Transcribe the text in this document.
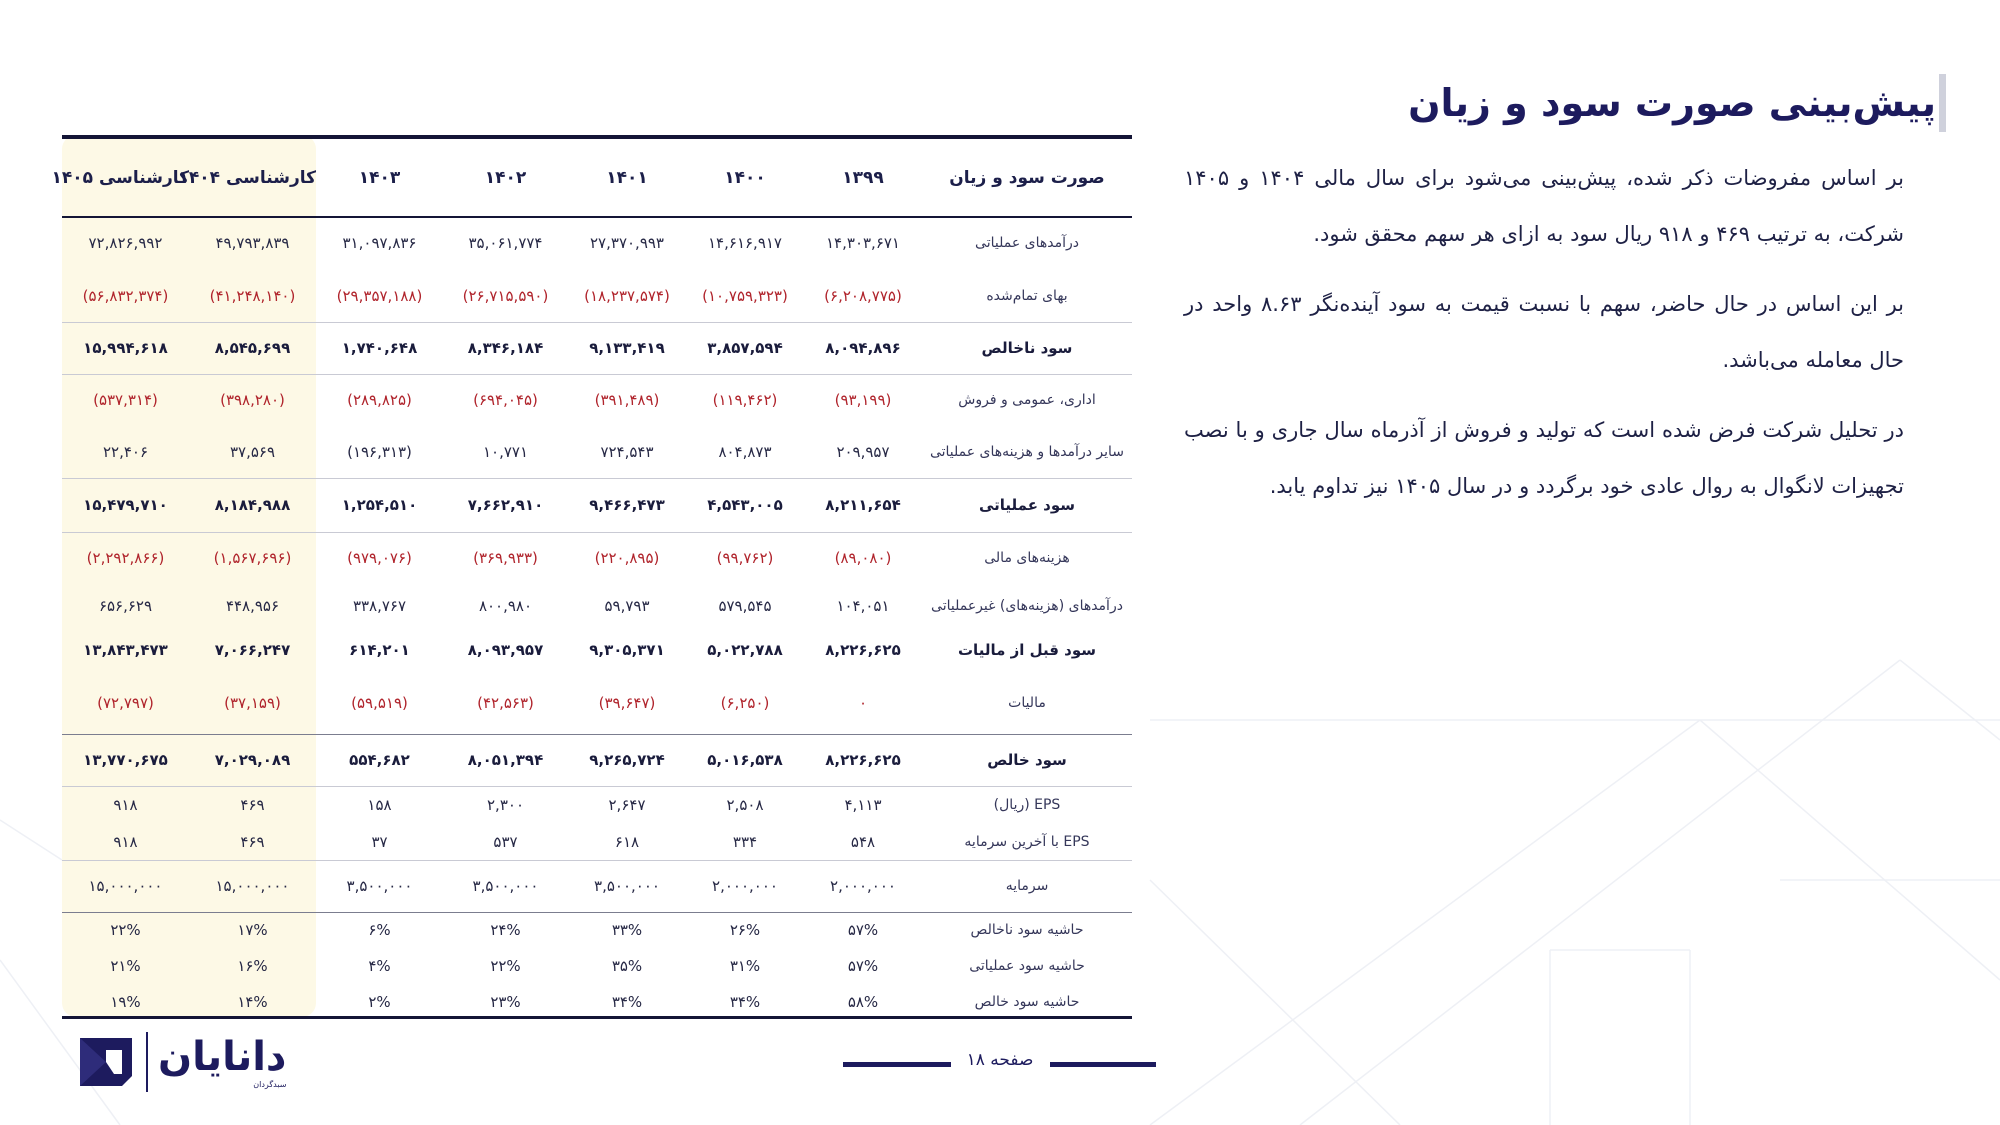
پیش‌بینی صورت سود و زیان

بر اساس مفروضات ذکر شده، پیش‌بینی می‌شود برای سال مالی ۱۴۰۴ و ۱۴۰۵ شرکت، به ترتیب ۴۶۹ و ۹۱۸ ریال سود به ازای هر سهم محقق شود.

بر این اساس در حال حاضر، سهم با نسبت قیمت به سود آینده‌نگر ۸.۶۳ واحد در حال معامله می‌باشد.

در تحلیل شرکت فرض شده است که تولید و فروش از آذرماه سال جاری و با نصب تجهیزات لانگوال به روال عادی خود برگردد و در سال ۱۴۰۵ نیز تداوم یابد.

صورت سود و زیان	۱۳۹۹	۱۴۰۰	۱۴۰۱	۱۴۰۲	۱۴۰۳	کارشناسی ۱۴۰۴	کارشناسی ۱۴۰۵
درآمدهای عملیاتی	۱۴,۳۰۳,۶۷۱	۱۴,۶۱۶,۹۱۷	۲۷,۳۷۰,۹۹۳	۳۵,۰۶۱,۷۷۴	۳۱,۰۹۷,۸۳۶	۴۹,۷۹۳,۸۳۹	۷۲,۸۲۶,۹۹۲
بهای تمام‌شده	(۶,۲۰۸,۷۷۵)	(۱۰,۷۵۹,۳۲۳)	(۱۸,۲۳۷,۵۷۴)	(۲۶,۷۱۵,۵۹۰)	(۲۹,۳۵۷,۱۸۸)	(۴۱,۲۴۸,۱۴۰)	(۵۶,۸۳۲,۳۷۴)
سود ناخالص	۸,۰۹۴,۸۹۶	۳,۸۵۷,۵۹۴	۹,۱۳۳,۴۱۹	۸,۳۴۶,۱۸۴	۱,۷۴۰,۶۴۸	۸,۵۴۵,۶۹۹	۱۵,۹۹۴,۶۱۸
اداری، عمومی و فروش	(۹۳,۱۹۹)	(۱۱۹,۴۶۲)	(۳۹۱,۴۸۹)	(۶۹۴,۰۴۵)	(۲۸۹,۸۲۵)	(۳۹۸,۲۸۰)	(۵۳۷,۳۱۴)
سایر درآمدها و هزینه‌های عملیاتی	۲۰۹,۹۵۷	۸۰۴,۸۷۳	۷۲۴,۵۴۳	۱۰,۷۷۱	(۱۹۶,۳۱۳)	۳۷,۵۶۹	۲۲,۴۰۶
سود عملیاتی	۸,۲۱۱,۶۵۴	۴,۵۴۳,۰۰۵	۹,۴۶۶,۴۷۳	۷,۶۶۲,۹۱۰	۱,۲۵۴,۵۱۰	۸,۱۸۴,۹۸۸	۱۵,۴۷۹,۷۱۰
هزینه‌های مالی	(۸۹,۰۸۰)	(۹۹,۷۶۲)	(۲۲۰,۸۹۵)	(۳۶۹,۹۳۳)	(۹۷۹,۰۷۶)	(۱,۵۶۷,۶۹۶)	(۲,۲۹۲,۸۶۶)
درآمدهای (هزینه‌های) غیرعملیاتی	۱۰۴,۰۵۱	۵۷۹,۵۴۵	۵۹,۷۹۳	۸۰۰,۹۸۰	۳۳۸,۷۶۷	۴۴۸,۹۵۶	۶۵۶,۶۲۹
سود قبل از مالیات	۸,۲۲۶,۶۲۵	۵,۰۲۲,۷۸۸	۹,۳۰۵,۳۷۱	۸,۰۹۳,۹۵۷	۶۱۴,۲۰۱	۷,۰۶۶,۲۴۷	۱۳,۸۴۳,۴۷۳
مالیات	۰	(۶,۲۵۰)	(۳۹,۶۴۷)	(۴۲,۵۶۳)	(۵۹,۵۱۹)	(۳۷,۱۵۹)	(۷۲,۷۹۷)
سود خالص	۸,۲۲۶,۶۲۵	۵,۰۱۶,۵۳۸	۹,۲۶۵,۷۲۴	۸,۰۵۱,۳۹۴	۵۵۴,۶۸۲	۷,۰۲۹,۰۸۹	۱۳,۷۷۰,۶۷۵
EPS (ریال)	۴,۱۱۳	۲,۵۰۸	۲,۶۴۷	۲,۳۰۰	۱۵۸	۴۶۹	۹۱۸
EPS با آخرین سرمایه	۵۴۸	۳۳۴	۶۱۸	۵۳۷	۳۷	۴۶۹	۹۱۸
سرمایه	۲,۰۰۰,۰۰۰	۲,۰۰۰,۰۰۰	۳,۵۰۰,۰۰۰	۳,۵۰۰,۰۰۰	۳,۵۰۰,۰۰۰	۱۵,۰۰۰,۰۰۰	۱۵,۰۰۰,۰۰۰
حاشیه سود ناخالص	۵۷%	۲۶%	۳۳%	۲۴%	۶%	۱۷%	۲۲%
حاشیه سود عملیاتی	۵۷%	۳۱%	۳۵%	۲۲%	۴%	۱۶%	۲۱%
حاشیه سود خالص	۵۸%	۳۴%	۳۴%	۲۳%	۲%	۱۴%	۱۹%
دانایان
سبدگردان
صفحه ۱۸
